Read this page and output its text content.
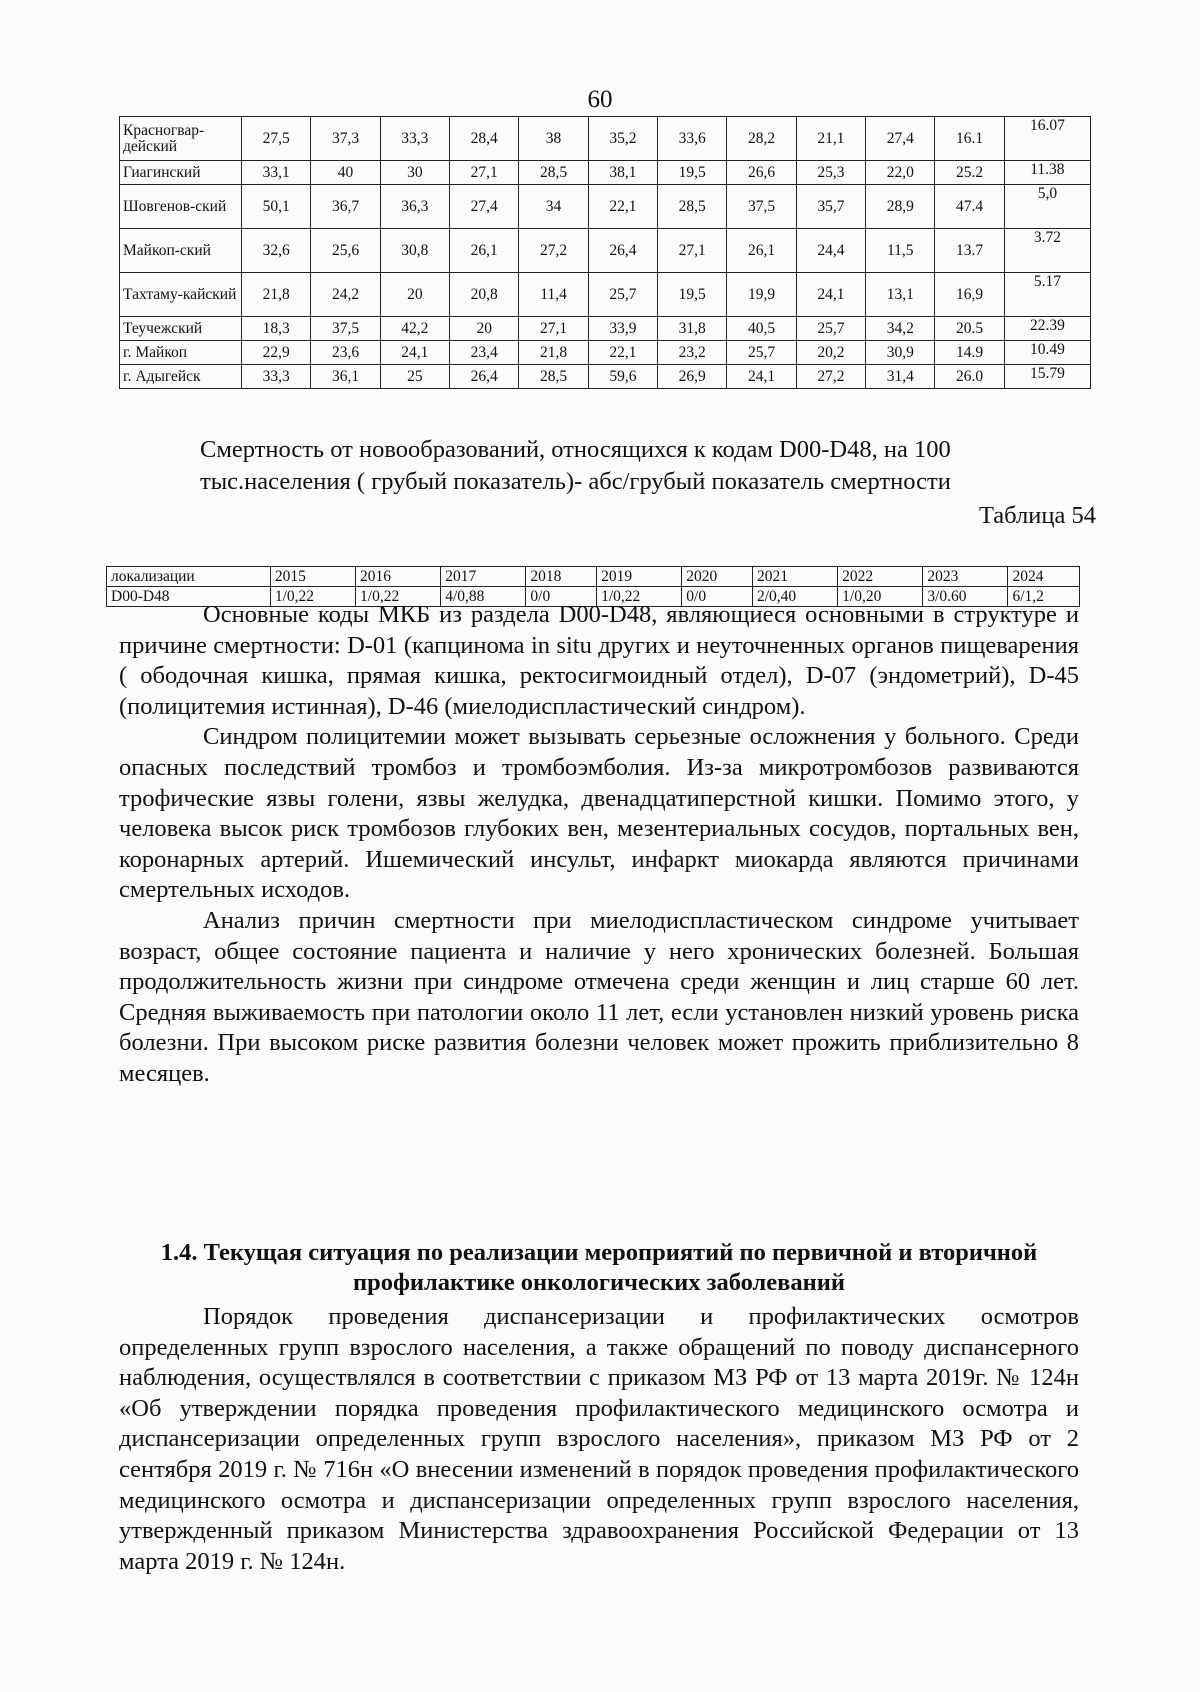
60
Красногвар-дейский	27,5	37,3	33,3	28,4	38	35,2	33,6	28,2	21,1	27,4	16.1	16.07
Гиагинский	33,1	40	30	27,1	28,5	38,1	19,5	26,6	25,3	22,0	25.2	11.38
Шовгенов-ский	50,1	36,7	36,3	27,4	34	22,1	28,5	37,5	35,7	28,9	47.4	5,0
Майкоп-ский	32,6	25,6	30,8	26,1	27,2	26,4	27,1	26,1	24,4	11,5	13.7	3.72
Тахтаму-кайский	21,8	24,2	20	20,8	11,4	25,7	19,5	19,9	24,1	13,1	16,9	5.17
Теучежский	18,3	37,5	42,2	20	27,1	33,9	31,8	40,5	25,7	34,2	20.5	22.39
г. Майкоп	22,9	23,6	24,1	23,4	21,8	22,1	23,2	25,7	20,2	30,9	14.9	10.49
г. Адыгейск	33,3	36,1	25	26,4	28,5	59,6	26,9	24,1	27,2	31,4	26.0	15.79
Смертность от новообразований, относящихся к кодам D00-D48, на 100 тыс.населения ( грубый показатель)- абс/грубый показатель смертности
Таблица 54
локализации	2015	2016	2017	2018	2019	2020	2021	2022	2023	2024
D00-D48	1/0,22	1/0,22	4/0,88	0/0	1/0,22	0/0	2/0,40	1/0,20	3/0.60	6/1,2

Основные коды МКБ из раздела D00-D48, являющиеся основными в структуре и причине смертности: D-01 (капцинома in situ других и неуточненных органов пищеварения ( ободочная кишка, прямая кишка, ректосигмоидный отдел), D-07 (эндометрий), D-45 (полицитемия истинная), D-46 (миелодиспластический синдром).

Синдром полицитемии может вызывать серьезные осложнения у больного. Среди опасных последствий тромбоз и тромбоэмболия. Из-за микротромбозов развиваются трофические язвы голени, язвы желудка, двенадцатиперстной кишки. Помимо этого, у человека высок риск тромбозов глубоких вен, мезентериальных сосудов, портальных вен, коронарных артерий. Ишемический инсульт, инфаркт миокарда являются причинами смертельных исходов.

Анализ причин смертности при миелодиспластическом синдроме учитывает возраст, общее состояние пациента и наличие у него хронических болезней. Большая продолжительность жизни при синдроме отмечена среди женщин и лиц старше 60 лет. Средняя выживаемость при патологии около 11 лет, если установлен низкий уровень риска болезни. При высоком риске развития болезни человек может прожить приблизительно 8 месяцев.

1.4. Текущая ситуация по реализации мероприятий по первичной и вторичной профилактике онкологических заболеваний

Порядок проведения диспансеризации и профилактических осмотров определенных групп взрослого населения, а также обращений по поводу диспансерного наблюдения, осуществлялся в соответствии с приказом МЗ РФ от 13 марта 2019г. № 124н «Об утверждении порядка проведения профилактического медицинского осмотра и диспансеризации определенных групп взрослого населения», приказом МЗ РФ от 2 сентября 2019 г. № 716н «О внесении изменений в порядок проведения профилактического медицинского осмотра и диспансеризации определенных групп взрослого населения, утвержденный приказом Министерства здравоохранения Российской Федерации от 13 марта 2019 г. № 124н.
